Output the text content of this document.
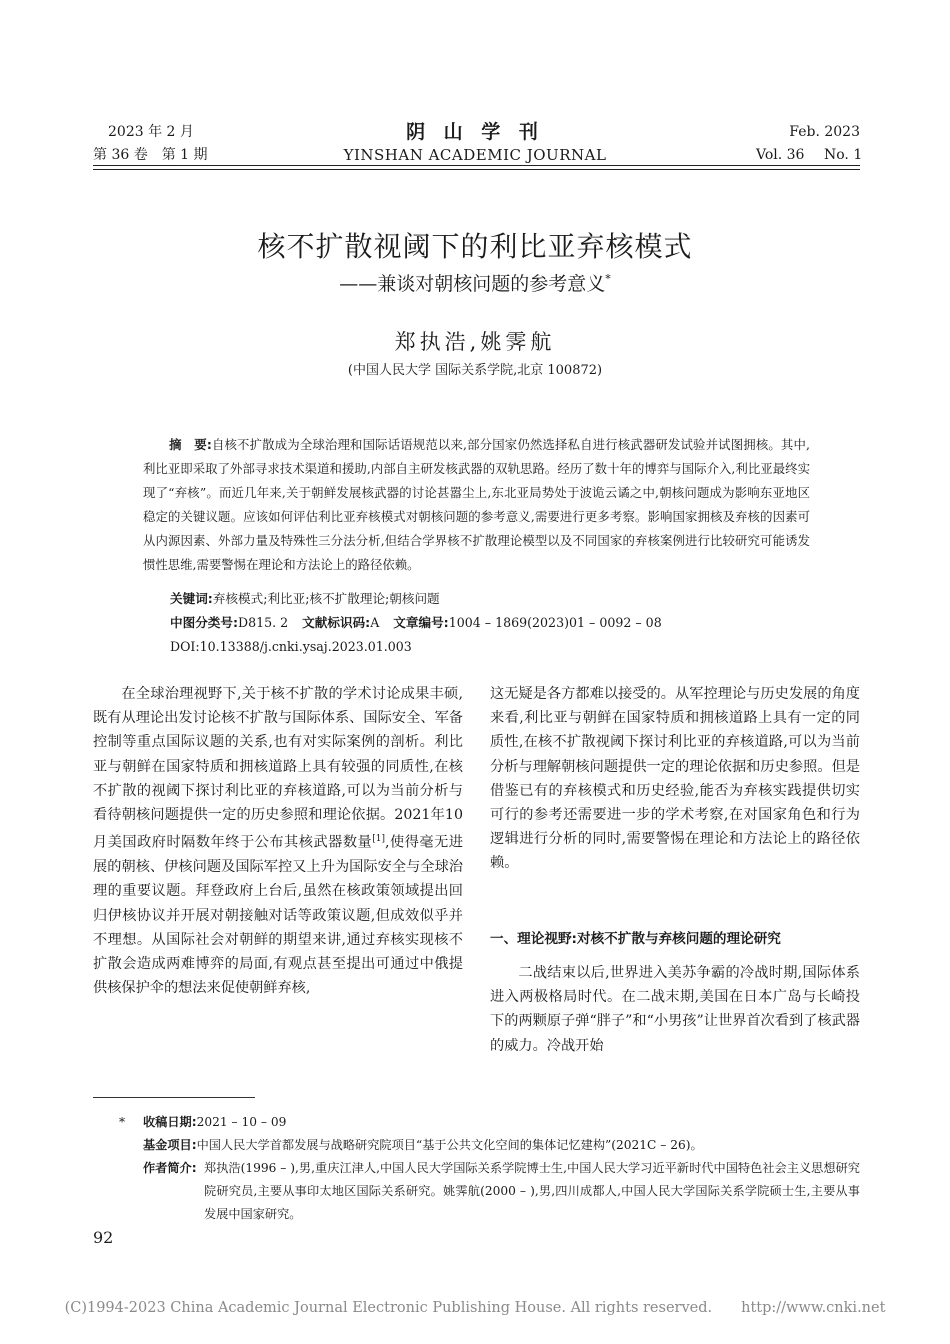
2023 年 2 月
第 36 卷　第 1 期
阴 山 学 刊
YINSHAN ACADEMIC JOURNAL
Feb. 2023
Vol. 36 No. 1
核不扩散视阈下的利比亚弃核模式
——兼谈对朝核问题的参考意义*
郑执浩,姚霁航
(中国人民大学 国际关系学院,北京 100872)
摘　要:自核不扩散成为全球治理和国际话语规范以来,部分国家仍然选择私自进行核武器研发试验并试图拥核。其中,利比亚即采取了外部寻求技术渠道和援助,内部自主研发核武器的双轨思路。经历了数十年的博弈与国际介入,利比亚最终实现了“弃核”。而近几年来,关于朝鲜发展核武器的讨论甚嚣尘上,东北亚局势处于波诡云谲之中,朝核问题成为影响东亚地区稳定的关键议题。应该如何评估利比亚弃核模式对朝核问题的参考意义,需要进行更多考察。影响国家拥核及弃核的因素可从内源因素、外部力量及特殊性三分法分析,但结合学界核不扩散理论模型以及不同国家的弃核案例进行比较研究可能诱发惯性思维,需要警惕在理论和方法论上的路径依赖。
关键词:弃核模式;利比亚;核不扩散理论;朝核问题
中图分类号:D815. 2 文献标识码:A 文章编号:1004 – 1869(2023)01 – 0092 – 08
DOI:10.13388/j.cnki.ysaj.2023.01.003

在全球治理视野下,关于核不扩散的学术讨论成果丰硕,既有从理论出发讨论核不扩散与国际体系、国际安全、军备控制等重点国际议题的关系,也有对实际案例的剖析。利比亚与朝鲜在国家特质和拥核道路上具有较强的同质性,在核不扩散的视阈下探讨利比亚的弃核道路,可以为当前分析与看待朝核问题提供一定的历史参照和理论依据。2021年10月美国政府时隔数年终于公布其核武器数量[1],使得毫无进展的朝核、伊核问题及国际军控又上升为国际安全与全球治理的重要议题。拜登政府上台后,虽然在核政策领域提出回归伊核协议并开展对朝接触对话等政策议题,但成效似乎并不理想。从国际社会对朝鲜的期望来讲,通过弃核实现核不扩散会造成两难博弈的局面,有观点甚至提出可通过中俄提供核保护伞的想法来促使朝鲜弃核,

这无疑是各方都难以接受的。从军控理论与历史发展的角度来看,利比亚与朝鲜在国家特质和拥核道路上具有一定的同质性,在核不扩散视阈下探讨利比亚的弃核道路,可以为当前分析与理解朝核问题提供一定的理论依据和历史参照。但是借鉴已有的弃核模式和历史经验,能否为弃核实践提供切实可行的参考还需要进一步的学术考察,在对国家角色和行为逻辑进行分析的同时,需要警惕在理论和方法论上的路径依赖。

一、理论视野:对核不扩散与弃核问题的理论研究

二战结束以后,世界进入美苏争霸的冷战时期,国际体系进入两极格局时代。在二战末期,美国在日本广岛与长崎投下的两颗原子弹“胖子”和“小男孩”让世界首次看到了核武器的威力。冷战开始

* 收稿日期:2021 – 10 – 09
基金项目:中国人民大学首都发展与战略研究院项目“基于公共文化空间的集体记忆建构”(2021C – 26)。
作者简介: 郑执浩(1996 – ),男,重庆江津人,中国人民大学国际关系学院博士生,中国人民大学习近平新时代中国特色社会主义思想研究院研究员,主要从事印太地区国际关系研究。姚霁航(2000 – ),男,四川成都人,中国人民大学国际关系学院硕士生,主要从事发展中国家研究。
92
(C)1994-2023 China Academic Journal Electronic Publishing House. All rights reserved.　　http://www.cnki.net
